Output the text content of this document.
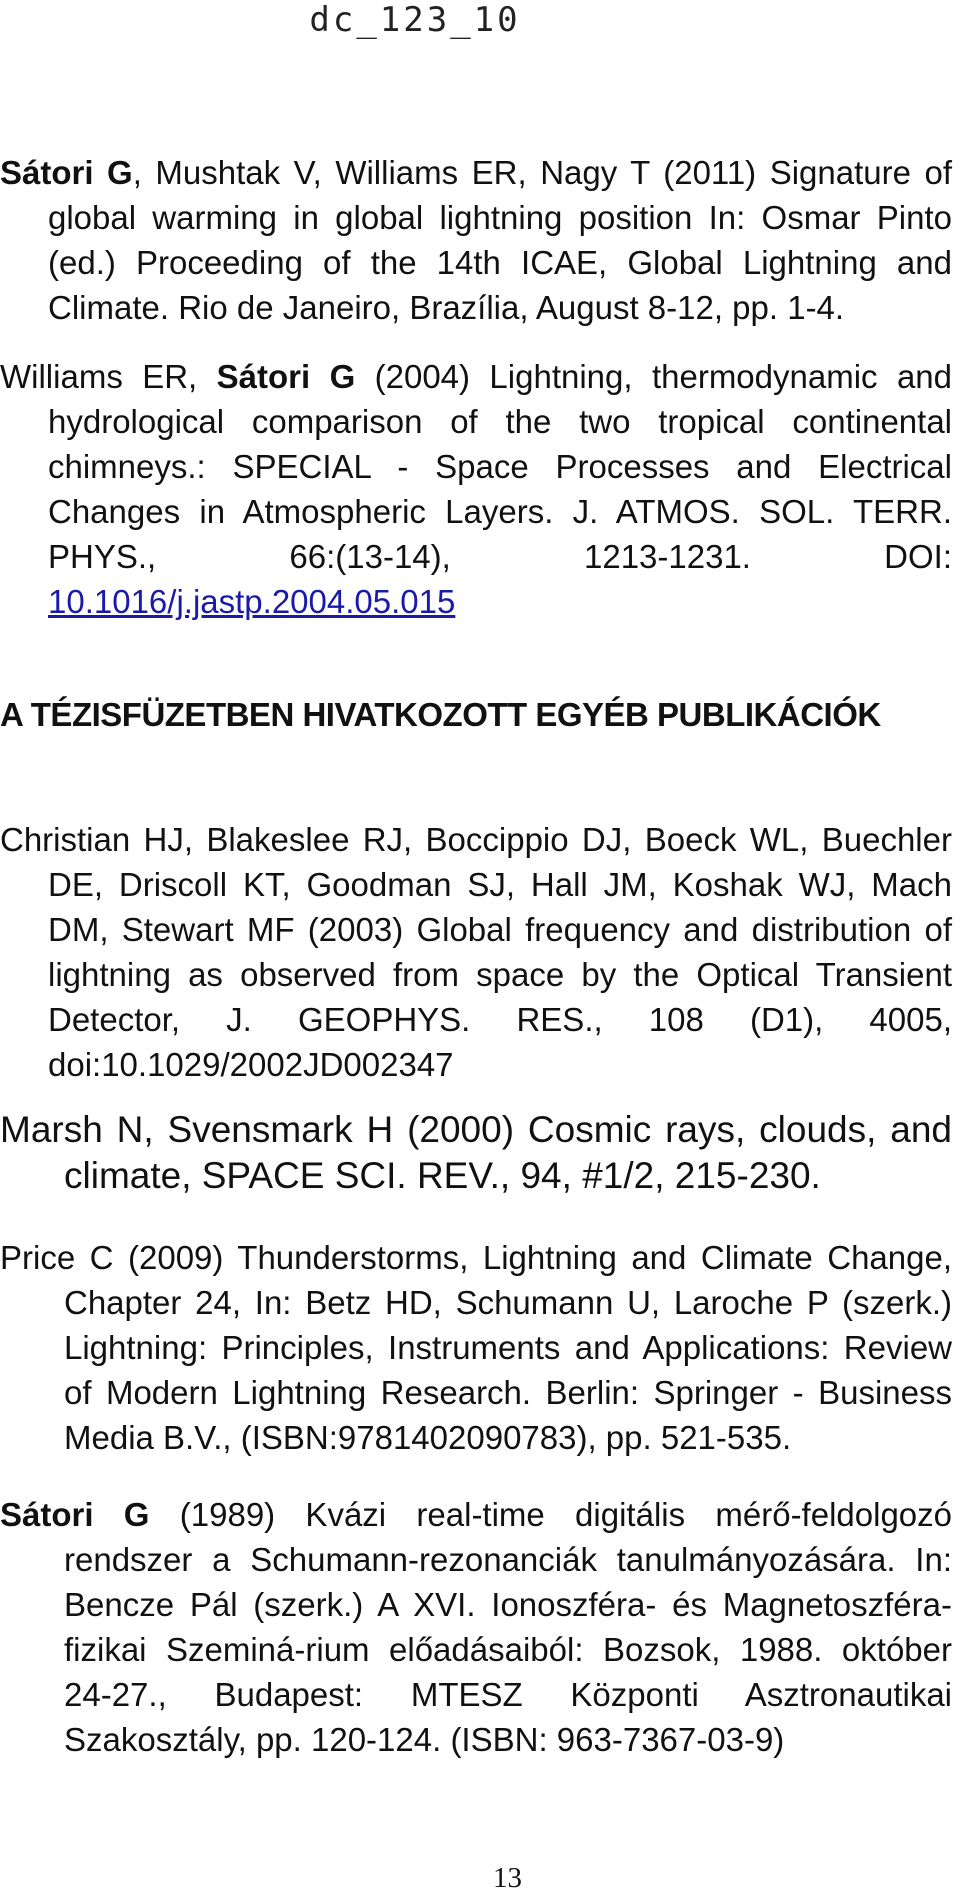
dc_123_10

Sátori G, Mushtak V, Williams ER, Nagy T (2011) Signature of global warming in global lightning position In: Osmar Pinto (ed.) Proceeding of the 14th ICAE, Global Lightning and Climate. Rio de Janeiro, Brazília, August 8-12, pp. 1-4.

Williams ER, Sátori G (2004) Lightning, thermodynamic and hydrological comparison of the two tropical continental chimneys.: SPECIAL - Space Processes and Electrical Changes in Atmospheric Layers. J. ATMOS. SOL. TERR. PHYS., 66:(13-14), 1213-1231. DOI: 10.1016/j.jastp.2004.05.015

A TÉZISFÜZETBEN HIVATKOZOTT EGYÉB PUBLIKÁCIÓK

Christian HJ, Blakeslee RJ, Boccippio DJ, Boeck WL, Buechler DE, Driscoll KT, Goodman SJ, Hall JM, Koshak WJ, Mach DM, Stewart MF (2003) Global frequency and distribution of lightning as observed from space by the Optical Transient Detector, J. GEOPHYS. RES., 108 (D1), 4005, doi:10.1029/2002JD002347

Marsh N, Svensmark H (2000) Cosmic rays, clouds, and climate, SPACE SCI. REV., 94, #1/2, 215-230.

Price C (2009) Thunderstorms, Lightning and Climate Change, Chapter 24, In: Betz HD, Schumann U, Laroche P (szerk.) Lightning: Principles, Instruments and Applications: Review of Modern Lightning Research. Berlin: Springer - Business Media B.V., (ISBN:9781402090783), pp. 521-535.

Sátori G (1989) Kvázi real-time digitális mérő-feldolgozó rendszer a Schumann-rezonanciák tanulmányozására. In: Bencze Pál (szerk.) A XVI. Ionoszféra- és Magnetoszféra-fizikai Szeminá-rium előadásaiból: Bozsok, 1988. október 24-27., Budapest: MTESZ Központi Asztronautikai Szakosztály, pp. 120-124. (ISBN: 963-7367-03-9)

13
